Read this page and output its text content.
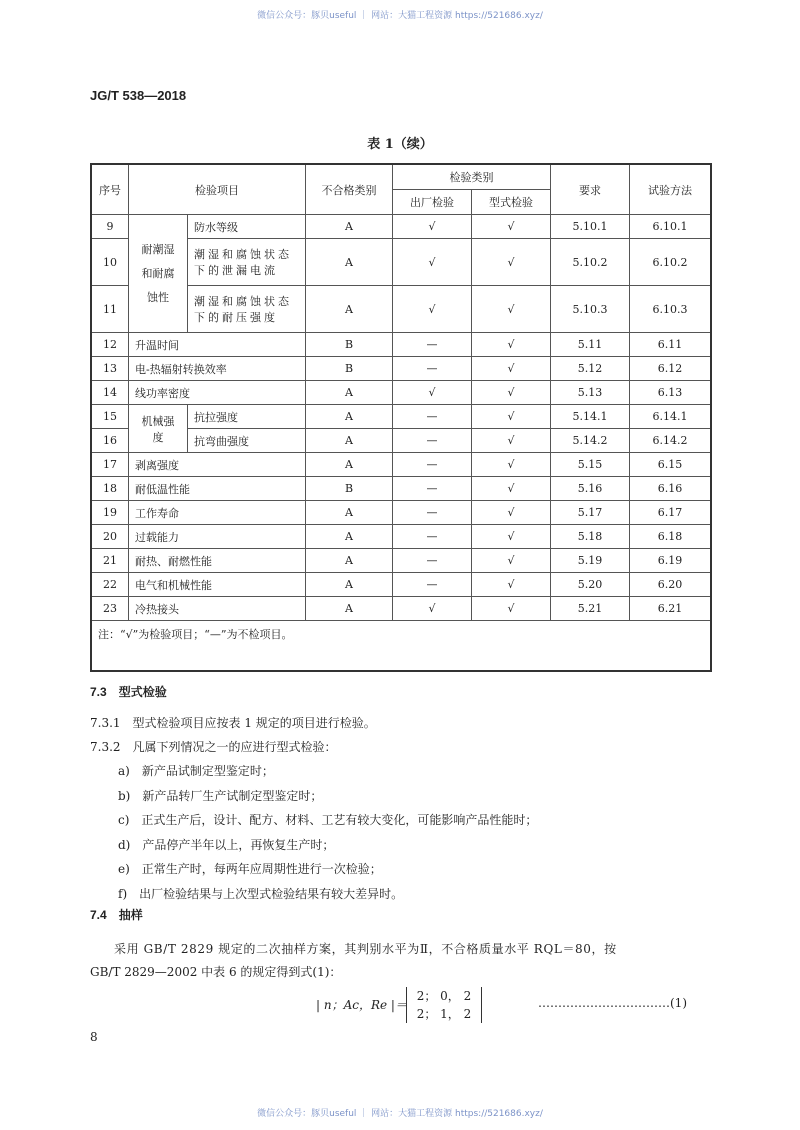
微信公众号：豚贝useful ｜ 网站：大猫工程资源 https://521686.xyz/
JG/T 538—2018
表 1（续）
序号	检验项目		不合格类别	检验类别		要求	试验方法
				出厂检验	型式检验		
9	耐潮湿和耐腐蚀性	防水等级	A	√	√	5.10.1	6.10.1
10		潮湿和腐蚀状态下的泄漏电流	A	√	√	5.10.2	6.10.2
11		潮湿和腐蚀状态下的耐压强度	A	√	√	5.10.3	6.10.3
12	升温时间		B	—	√	5.11	6.11
13	电-热辐射转换效率		B	—	√	5.12	6.12
14	线功率密度		A	√	√	5.13	6.13
15	机械强度	抗拉强度	A	—	√	5.14.1	6.14.1
16		抗弯曲强度	A	—	√	5.14.2	6.14.2
17	剥离强度		A	—	√	5.15	6.15
18	耐低温性能		B	—	√	5.16	6.16
19	工作寿命		A	—	√	5.17	6.17
20	过载能力		A	—	√	5.18	6.18
21	耐热、耐燃性能		A	—	√	5.19	6.19
22	电气和机械性能		A	—	√	5.20	6.20
23	冷热接头		A	√	√	5.21	6.21
注：“√”为检验项目；“—”为不检项目。							
7.3　 型式检验
7.3.1　型式检验项目应按表 1 规定的项目进行检验。
7.3.2　凡属下列情况之一的应进行型式检验：
a)　新产品试制定型鉴定时；
b)　新产品转厂生产试制定型鉴定时；
c)　正式生产后，设计、配方、材料、工艺有较大变化，可能影响产品性能时；
d)　产品停产半年以上，再恢复生产时；
e)　正常生产时，每两年应周期性进行一次检验；
f)　出厂检验结果与上次型式检验结果有较大差异时。
7.4　 抽样
采用 GB/T 2829 规定的二次抽样方案，其判别水平为Ⅱ，不合格质量水平 RQL＝80，按
GB/T 2829—2002 中表 6 的规定得到式(1)：
| n；Ac，Re |＝
2； 0， 2
2； 1， 2
……………………………(1)
8
微信公众号：豚贝useful ｜ 网站：大猫工程资源 https://521686.xyz/
